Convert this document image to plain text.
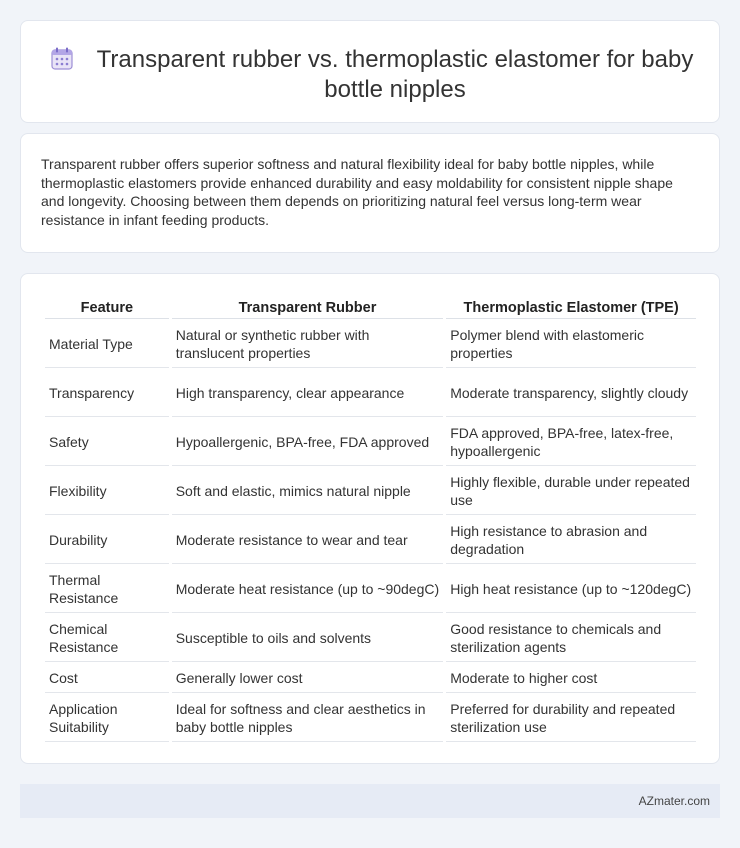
Transparent rubber vs. thermoplastic elastomer for baby bottle nipples

Transparent rubber offers superior softness and natural flexibility ideal for baby bottle nipples, while thermoplastic elastomers provide enhanced durability and easy moldability for consistent nipple shape and longevity. Choosing between them depends on prioritizing natural feel versus long-term wear resistance in infant feeding products.

Feature	Transparent Rubber	Thermoplastic Elastomer (TPE)
Material Type	Natural or synthetic rubber with translucent properties	Polymer blend with elastomeric properties
Transparency	High transparency, clear appearance	Moderate transparency, slightly cloudy
Safety	Hypoallergenic, BPA-free, FDA approved	FDA approved, BPA-free, latex-free, hypoallergenic
Flexibility	Soft and elastic, mimics natural nipple	Highly flexible, durable under repeated use
Durability	Moderate resistance to wear and tear	High resistance to abrasion and degradation
Thermal Resistance	Moderate heat resistance (up to ~90degC)	High heat resistance (up to ~120degC)
Chemical Resistance	Susceptible to oils and solvents	Good resistance to chemicals and sterilization agents
Cost	Generally lower cost	Moderate to higher cost
Application Suitability	Ideal for softness and clear aesthetics in baby bottle nipples	Preferred for durability and repeated sterilization use
AZmater.com
